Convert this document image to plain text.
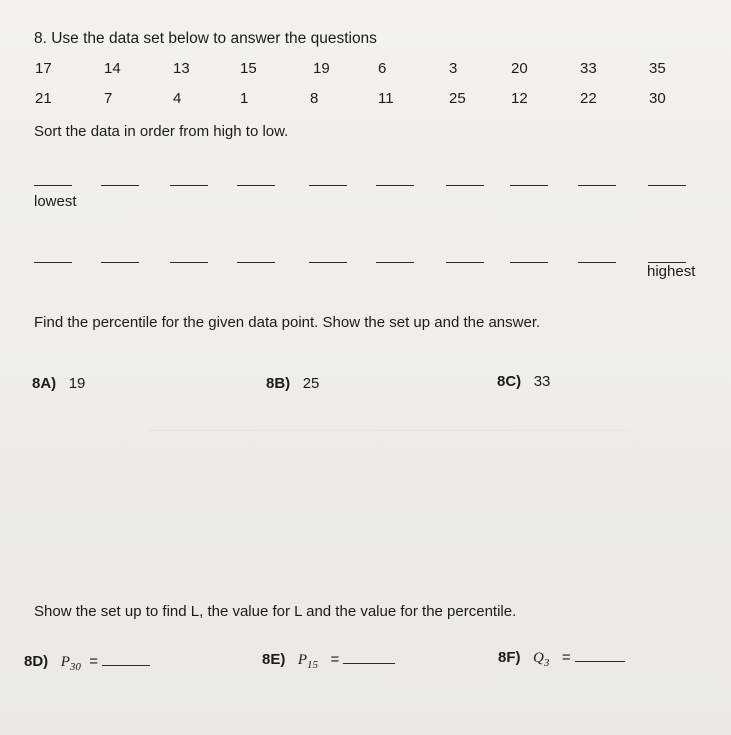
8. Use the data set below to answer the questions
17	14	13	15	19	6	3	20	33	35
21	7	4	1	8	11	25	12	22	30
Sort the data in order from high to low.
lowest
highest
Find the percentile for the given data point. Show the set up and the answer.
8A) 19	8B) 25	8C) 33
Show the set up to find L, the value for L and the value for the percentile.
8D) $P_{30}$ =	8E) $P_{15}$ =	8F) $Q_3$ =
